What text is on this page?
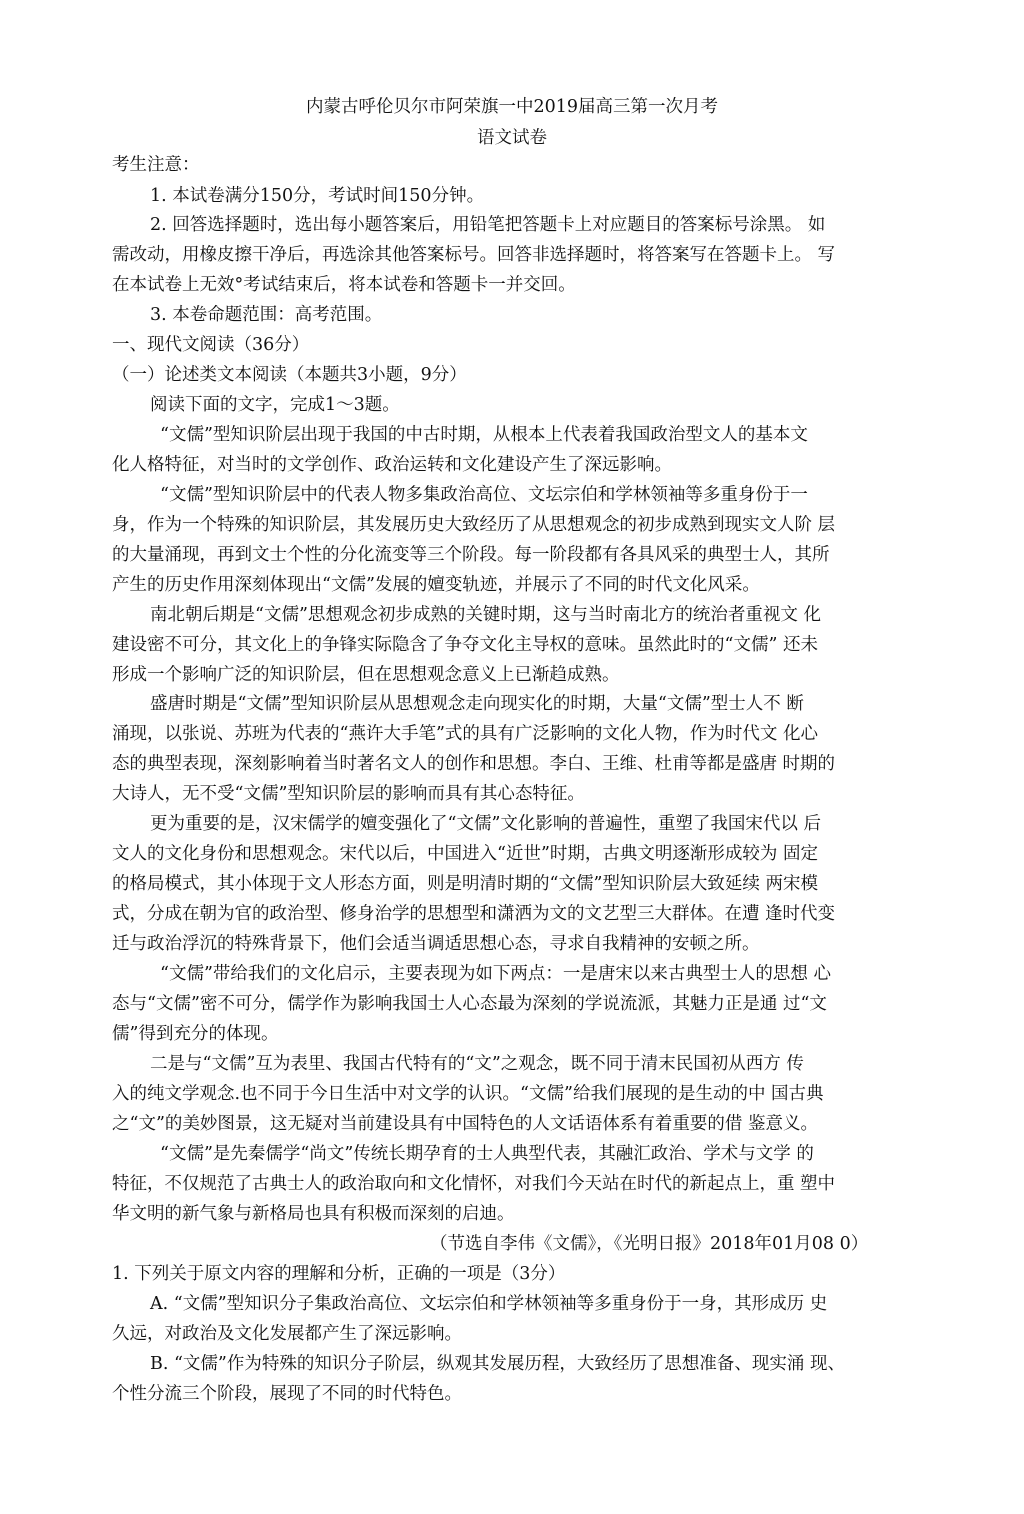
内蒙古呼伦贝尔市阿荣旗一中2019届高三第一次月考
语文试卷
考生注意：
1. 本试卷满分150分，考试时间150分钟。
2. 回答选择题时，选出每小题答案后，用铅笔把答题卡上对应题目的答案标号涂黑。 如
需改动，用橡皮擦干净后，再选涂其他答案标号。回答非选择题时，将答案写在答题卡上。 写
在本试卷上无效°考试结束后，将本试卷和答题卡一并交回。
3. 本卷命题范围：高考范围。
一、现代文阅读（36分）
（一）论述类文本阅读（本题共3小题，9分）
阅读下面的文字，完成1～3题。
“文儒”型知识阶层出现于我国的中古时期，从根本上代表着我国政治型文人的基本文
化人格特征，对当时的文学创作、政治运转和文化建设产生了深远影响。
“文儒”型知识阶层中的代表人物多集政治高位、文坛宗伯和学林领袖等多重身份于一
身，作为一个特殊的知识阶层，其发展历史大致经历了从思想观念的初步成熟到现实文人阶 层
的大量涌现，再到文士个性的分化流变等三个阶段。每一阶段都有各具风采的典型士人，其所
产生的历史作用深刻体现出“文儒”发展的嬗变轨迹，并展示了不同的时代文化风采。
南北朝后期是“文儒”思想观念初步成熟的关键时期，这与当时南北方的统治者重视文 化
建设密不可分，其文化上的争锋实际隐含了争夺文化主导权的意味。虽然此时的“文儒” 还未
形成一个影响广泛的知识阶层，但在思想观念意义上已渐趋成熟。
盛唐时期是“文儒”型知识阶层从思想观念走向现实化的时期，大量“文儒”型士人不 断
涌现，以张说、苏班为代表的“燕许大手笔”式的具有广泛影响的文化人物，作为时代文 化心
态的典型表现，深刻影响着当时著名文人的创作和思想。李白、王维、杜甫等都是盛唐 时期的
大诗人，无不受“文儒”型知识阶层的影响而具有其心态特征。
更为重要的是，汉宋儒学的嬗变强化了“文儒”文化影响的普遍性，重塑了我国宋代以 后
文人的文化身份和思想观念。宋代以后，中国进入“近世”时期，古典文明逐渐形成较为 固定
的格局模式，其小体现于文人形态方面，则是明清时期的“文儒”型知识阶层大致延续 两宋模
式，分成在朝为官的政治型、修身治学的思想型和潇洒为文的文艺型三大群体。在遭 逢时代变
迁与政治浮沉的特殊背景下，他们会适当调适思想心态，寻求自我精神的安顿之所。
“文儒”带给我们的文化启示，主要表现为如下两点：一是唐宋以来古典型士人的思想 心
态与“文儒”密不可分，儒学作为影响我国士人心态最为深刻的学说流派，其魅力正是通 过“文
儒”得到充分的体现。
二是与“文儒”互为表里、我国古代特有的“文”之观念，既不同于清末民国初从西方 传
入的纯文学观念.也不同于今日生活中对文学的认识。“文儒”给我们展现的是生动的中 国古典
之“文”的美妙图景，这无疑对当前建设具有中国特色的人文话语体系有着重要的借 鉴意义。
“文儒”是先秦儒学“尚文”传统长期孕育的士人典型代表，其融汇政治、学术与文学 的
特征，不仅规范了古典士人的政治取向和文化情怀，对我们今天站在时代的新起点上，重 塑中
华文明的新气象与新格局也具有积极而深刻的启迪。
（节选自李伟《文儒》，《光明日报》2018年01月08 0）
1. 下列关于原文内容的理解和分析，正确的一项是（3分）
A. “文儒”型知识分子集政治高位、文坛宗伯和学林领袖等多重身份于一身，其形成历 史
久远，对政治及文化发展都产生了深远影响。
B. “文儒”作为特殊的知识分子阶层，纵观其发展历程，大致经历了思想准备、现实涌 现、
个性分流三个阶段，展现了不同的时代特色。
